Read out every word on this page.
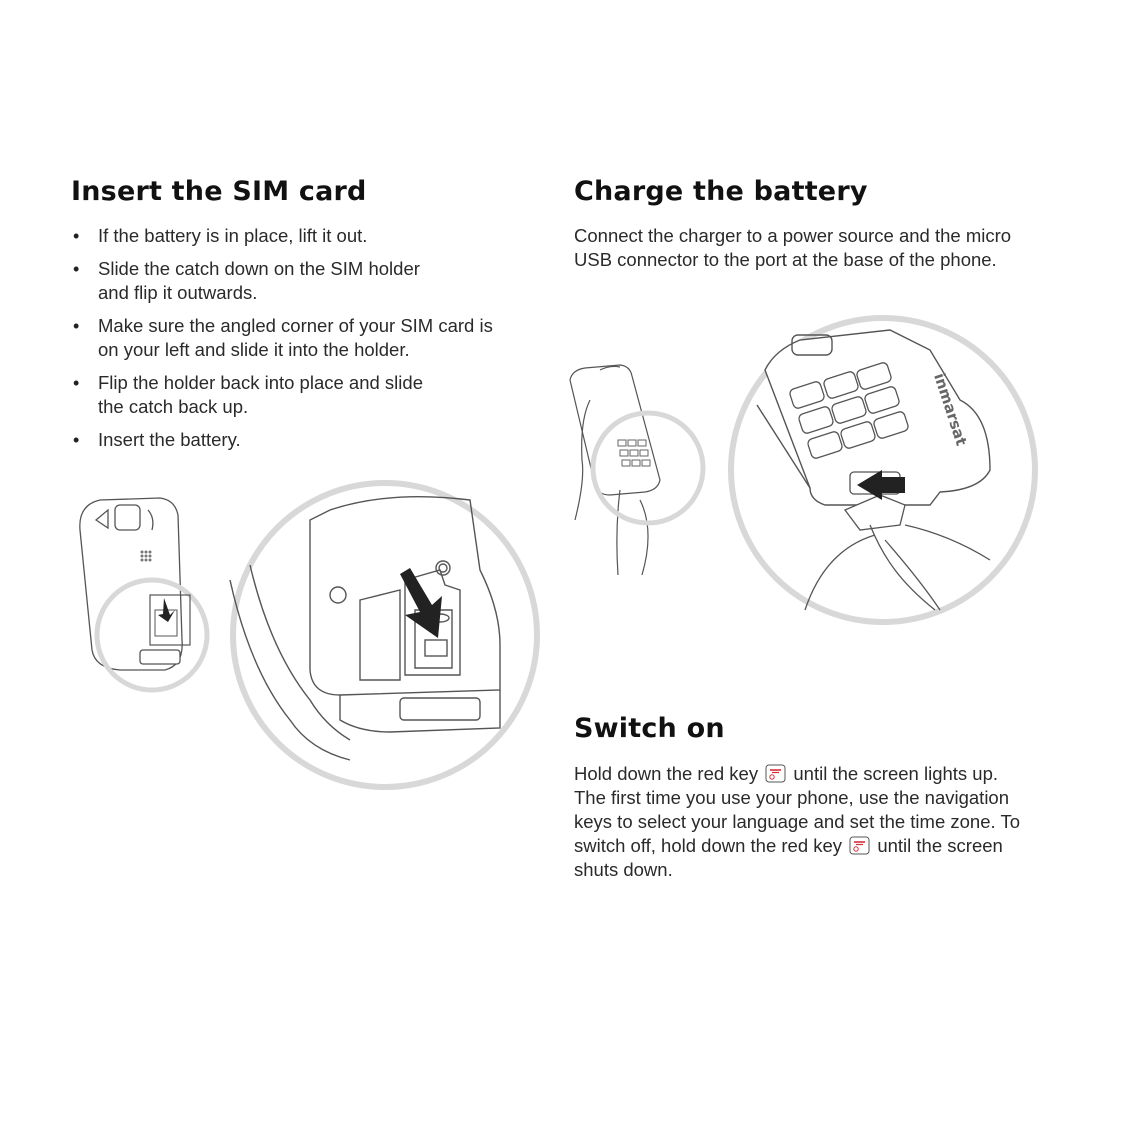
Insert the SIM card
• If the battery is in place, lift it out.
• Slide the catch down on the SIM holder and flip it outwards.
• Make sure the angled corner of your SIM card is on your left and slide it into the holder.
• Flip the holder back into place and slide the catch back up.
• Insert the battery.
Charge the battery

Connect the charger to a power source and the micro USB connector to the port at the base of the phone.

inmarsat
Switch on

Hold down the red key until the screen lights up. The first time you use your phone, use the navigation keys to select your language and set the time zone. To switch off, hold down the red key until the screen shuts down.
